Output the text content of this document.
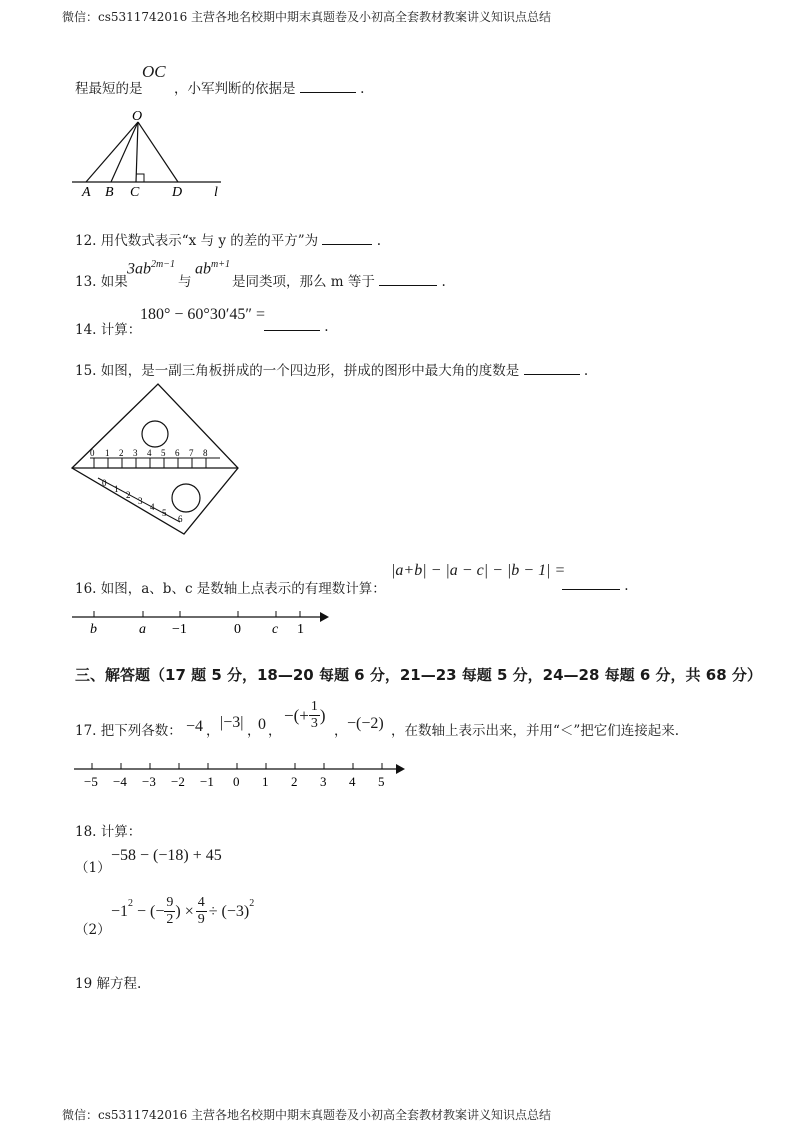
微信：cs5311742016 主营各地名校期中期末真题卷及小初高全套教材教案讲义知识点总结
程最短的是
OC
，小军判断的依据是	.
O
A B C D l
12. 用代数式表示“x 与 y 的差的平方”为	.
13. 如果
$3ab^{2m-1}$
与
$ab^{m+1}$
是同类项，那么 m 等于	.
14. 计算：
180° − 60°30′45″ =
.
15. 如图，是一副三角板拼成的一个四边形，拼成的图形中最大角的度数是	.
0 1 2 3 4 5 6 7 8
0
1
2
3
4
5
6
16. 如图，a、b、c 是数轴上点表示的有理数计算：
|a+b| − |a − c| − |b − 1| =
.
b	a −1	0 c 1
三、解答题（17 题 5 分，18—20 每题 6 分，21—23 每题 5 分，24—28 每题 6 分，共 68 分）
17. 把下列各数： −4 ， |−3| ，
0 ，
−(+ $\frac{1}{3}$ )
， −(−2) ，在数轴上表示出来，并用“＜”把它们连接起来.
−5 −4 −3 −2 −1 0 1 2 3 4 5
18. 计算：
（1）
−58 − (−18) + 45
（2）
$-1^2$ − (− $\frac{9}{2}$ ) × $\frac{4}{9} \div (-3)^2$
19 解方程.
微信：cs5311742016 主营各地名校期中期末真题卷及小初高全套教材教案讲义知识点总结
